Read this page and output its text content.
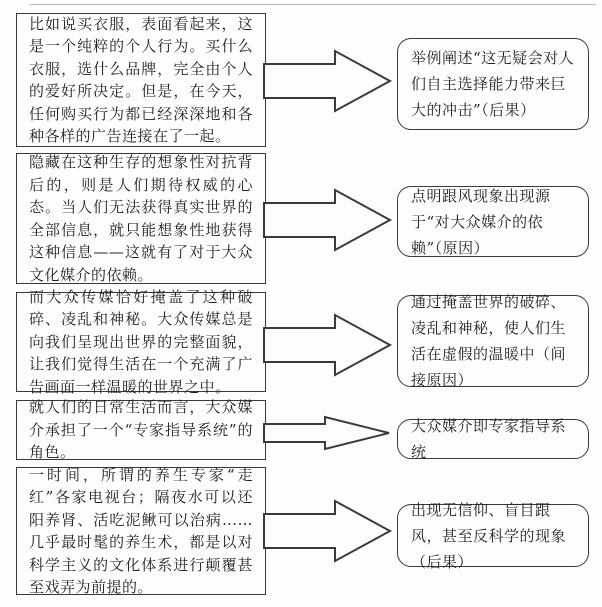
比如说买衣服，表面看起来，这是一个纯粹的个人行为。买什么衣服，选什么品牌，完全由个人的爱好所决定。但是，在今天，任何购买行为都已经深深地和各种各样的广告连接在了一起。
举例阐述“这无疑会对人们自主选择能力带来巨大的冲击”（后果）
隐藏在这种生存的想象性对抗背后的，则是人们期待权威的心态。当人们无法获得真实世界的全部信息，就只能想象性地获得这种信息——这就有了对于大众文化媒介的依赖。
点明跟风现象出现源于“对大众媒介的依赖”（原因）
而大众传媒恰好掩盖了这种破碎、凌乱和神秘。大众传媒总是向我们呈现出世界的完整面貌，让我们觉得生活在一个充满了广告画面一样温暖的世界之中。
通过掩盖世界的破碎、凌乱和神秘，使人们生活在虚假的温暖中（间接原因）
就人们的日常生活而言，大众媒介承担了一个“专家指导系统”的角色。
大众媒介即专家指导系统
一时间，所谓的养生专家“走红”各家电视台；隔夜水可以还阳养肾、活吃泥鳅可以治病……几乎最时髦的养生术，都是以对科学主义的文化体系进行颠覆甚至戏弄为前提的。
出现无信仰、盲目跟风，甚至反科学的现象（后果）
